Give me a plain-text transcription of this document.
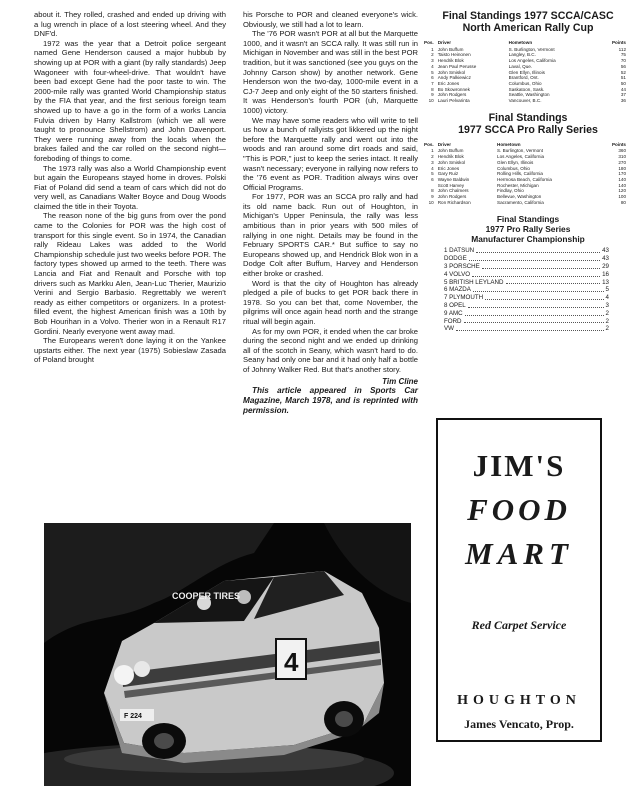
about it. They rolled, crashed and ended up driving with a lug wrench in place of a lost steering wheel. And they DNF'd.

1972 was the year that a Detroit police sergeant named Gene Henderson caused a major hubbub by showing up at POR with a giant (by rally standards) Jeep Wagoneer with four-wheel-drive. That wouldn't have been bad except Gene had the poor taste to win. The 2000-mile rally was granted World Championship status by the FIA that year, and the first serious foreign team showed up to have a go in the form of a works Lancia Fulvia driven by Harry Kallstrom (which we all were taught to pronounce Shellstrom) and John Davenport. They were running away from the locals when the brakes failed and the car rolled on the second night—foreboding of things to come.

The 1973 rally was also a World Championship event but again the Europeans stayed home in droves. Polski Fiat of Poland did send a team of cars which did not do very well, as Canadians Walter Boyce and Doug Woods claimed the title in their Toyota.

The reason none of the big guns from over the pond came to the Colonies for POR was the high cost of transport for this single event. So in 1974, the Canadian rally Rideau Lakes was added to the World Championship schedule just two weeks before POR. The factory types showed up armed to the teeth. There was Lancia and Fiat and Renault and Porsche with top drivers such as Markku Alen, Jean-Luc Therier, Maurizio Verini and Sergio Barbasio. Regrettably we weren't ready as either competitors or organizers. In a protest-filled event, the highest American finish was a 10th by Bob Hourihan in a Volvo. Therier won in a Renault R17 Gordini. Nearly everyone went away mad.

The Europeans weren't done laying it on the Yankee upstarts either. The next year (1975) Sobieslaw Zasada of Poland brought

his Porsche to POR and cleaned everyone's wick. Obviously, we still had a lot to learn.

The '76 POR wasn't POR at all but the Marquette 1000, and it wasn't an SCCA rally. It was still run in Michigan in November and was still in the best POR tradition, but it was sanctioned (see you guys on the Johnny Carson show) by another network. Gene Henderson won the two-day, 1000-mile event in a CJ-7 Jeep and only eight of the 50 starters finished. It was Henderson's fourth POR (uh, Marquette 1000) victory.

We may have some readers who will write to tell us how a bunch of rallyists got likkered up the night before the Marquette rally and went out into the woods and ran around some dirt roads and said, "This is POR," just to keep the series intact. It really wasn't necessary; everyone in rallying now refers to the '76 event as POR. Tradition always wins over Official Programs.

For 1977, POR was an SCCA pro rally and had its old name back. Run out of Houghton, in Michigan's Upper Peninsula, the rally was less ambitious than in prior years with 500 miles of rallying in one night. Details may be found in the February SPORTS CAR.* But suffice to say no Europeans showed up, and Hendrick Blok won in a Dodge Colt after Buffum, Harvey and Henderson either broke or crashed.

Word is that the city of Houghton has already pledged a pile of bucks to get POR back there in 1978. So you can bet that, come November, the pilgrims will once again head north and the strange ritual will begin again.

As for my own POR, it ended when the car broke during the second night and we ended up drinking all of the scotch in Seany, which wasn't hard to do. Seany had only one bar and it had only half a bottle of Johnny Walker Red. But that's another story.

Tim Cline

This article appeared in Sports Car Magazine, March 1978, and is reprinted with permission.

COOPER TIRES
4
F 224
Final Standings 1977 SCCA/CASC
North American Rally Cup
Pos.	Driver	Hometown	Points
1	John Buffum	S. Burlington, Vermont	112
2	Taisto Heinonen	Langley, B.C.	75
3	Hendrik Blok	Los Angeles, California	70
4	Jean Paul Perusse	Laval, Que.	56
5	John Smiskol	Glen Ellyn, Illinois	52
6	Andy Palkiewicz	Brantford, Ont.	51
7	Eric Jones	Columbus, Ohio	50
8	Bo Skowronnek	Saskatoon, Sask.	44
9	John Rodgers	Seattle, Washington	37
10	Lauri Pelvarinta	Vancouver, B.C.	36
Final Standings
1977 SCCA Pro Rally Series
Pos.	Driver	Hometown	Points
1	John Buffum	S. Burlington, Vermont	360
2	Hendrik Blok	Los Angeles, California	310
3	John Smiskol	Glen Ellyn, Illinois	270
4	Eric Jones	Columbus, Ohio	180
5	Gary Ruiz	Rolling Hills, California	170
6	Wayne Baldwin	Hermosa Beach, California	140
	Scott Harvey	Rochester, Michigan	140
8	John Chalmers	Findlay, Ohio	120
9	John Rodgers	Bellevue, Washington	100
10	Ron Richardson	Sacramento, California	80
Final Standings
1977 Pro Rally Series
Manufacturer Championship
1 DATSUN	43
DODGE	43
3 PORSCHE	29
4 VOLVO	16
5 BRITISH LEYLAND	13
6 MAZDA	5
7 PLYMOUTH	4
8 OPEL	3
9 AMC	2
FORD	2
VW	2
JIM'S
FOOD
MART
Red Carpet Service
HOUGHTON
James Vencato, Prop.
